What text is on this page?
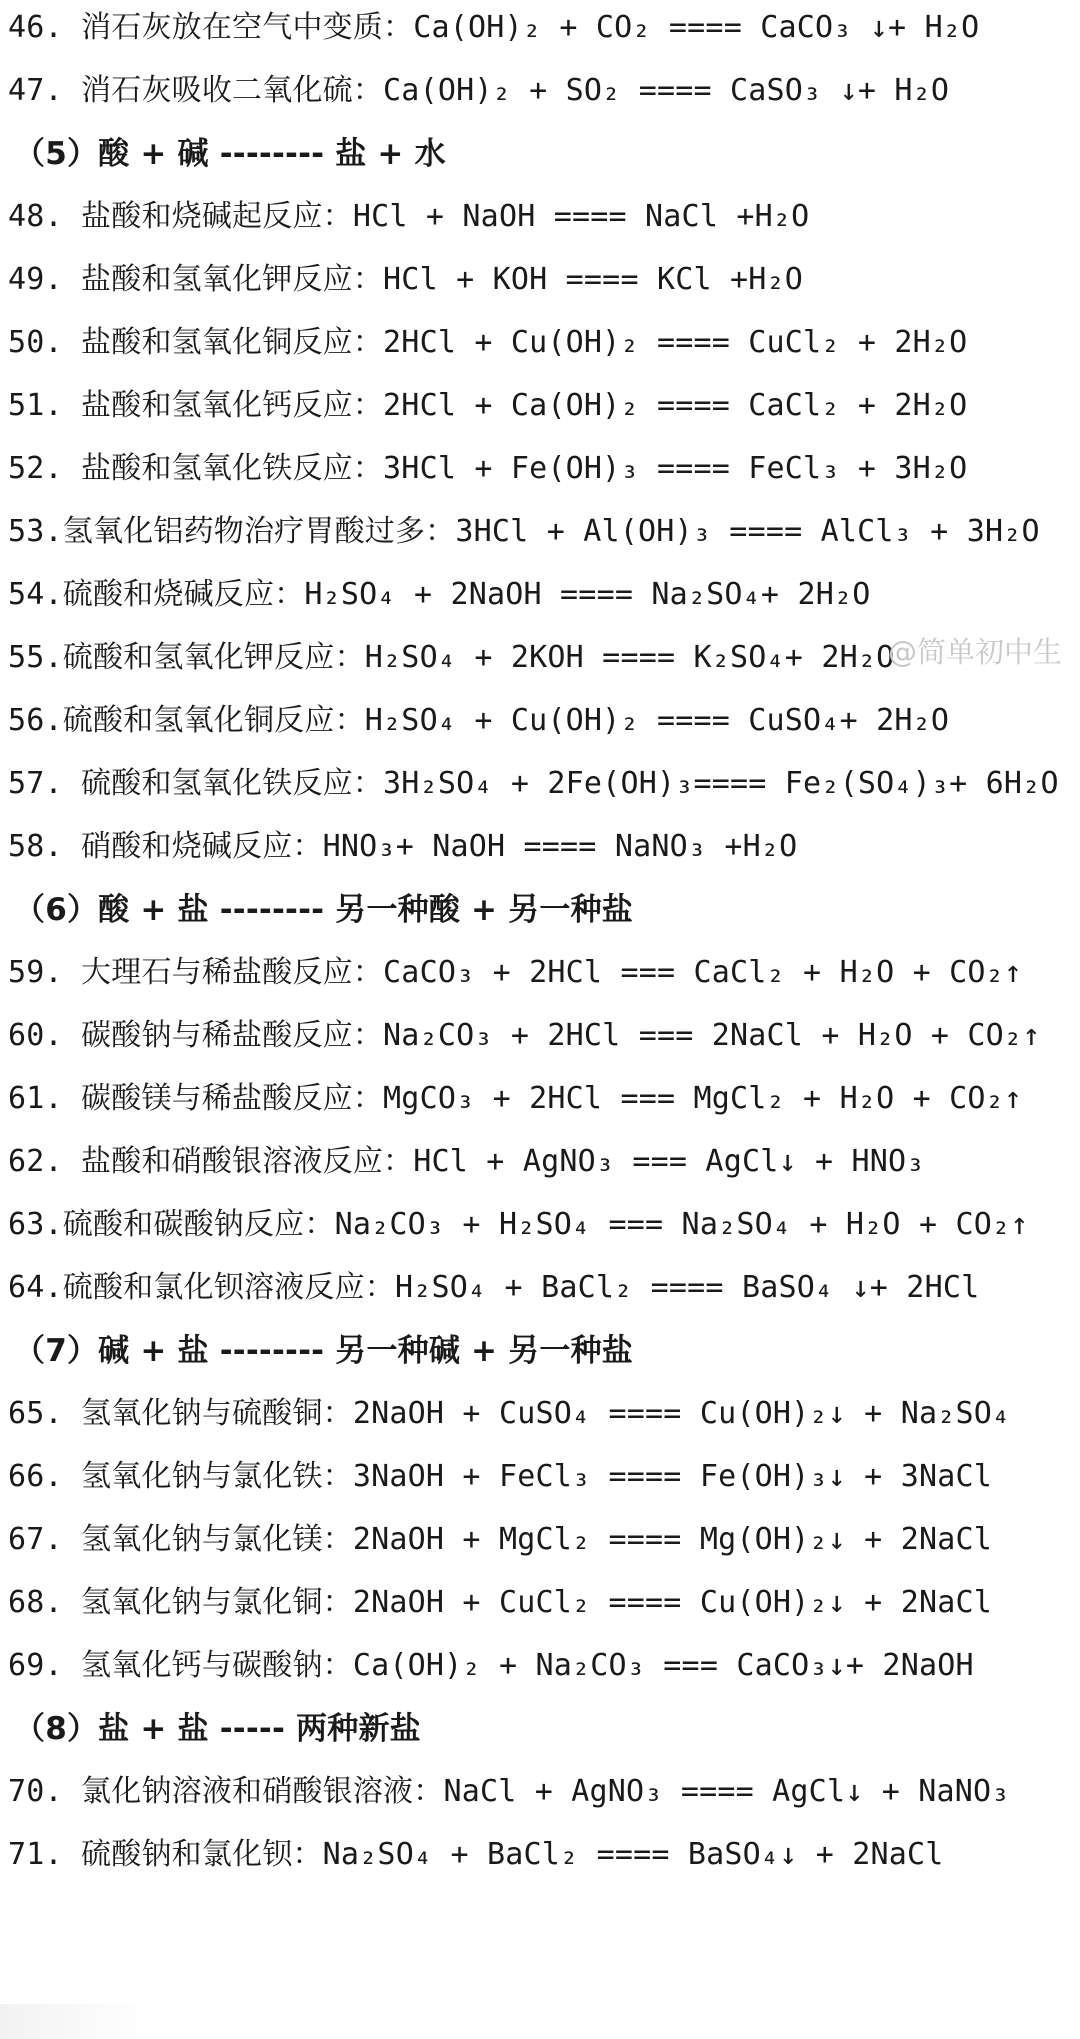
46. 消石灰放在空气中变质：Ca(OH)₂ + CO₂ ==== CaCO₃ ↓+ H₂O
47. 消石灰吸收二氧化硫：Ca(OH)₂ + SO₂ ==== CaSO₃ ↓+ H₂O
（5）酸 + 碱 -------- 盐 + 水
48. 盐酸和烧碱起反应：HCl + NaOH ==== NaCl +H₂O
49. 盐酸和氢氧化钾反应：HCl + KOH ==== KCl +H₂O
50. 盐酸和氢氧化铜反应：2HCl + Cu(OH)₂ ==== CuCl₂ + 2H₂O
51. 盐酸和氢氧化钙反应：2HCl + Ca(OH)₂ ==== CaCl₂ + 2H₂O
52. 盐酸和氢氧化铁反应：3HCl + Fe(OH)₃ ==== FeCl₃ + 3H₂O
53.氢氧化铝药物治疗胃酸过多：3HCl + Al(OH)₃ ==== AlCl₃ + 3H₂O
54.硫酸和烧碱反应：H₂SO₄ + 2NaOH ==== Na₂SO₄+ 2H₂O
55.硫酸和氢氧化钾反应：H₂SO₄ + 2KOH ==== K₂SO₄+ 2H₂O
56.硫酸和氢氧化铜反应：H₂SO₄ + Cu(OH)₂ ==== CuSO₄+ 2H₂O
57. 硫酸和氢氧化铁反应：3H₂SO₄ + 2Fe(OH)₃==== Fe₂(SO₄)₃+ 6H₂O
58. 硝酸和烧碱反应：HNO₃+ NaOH ==== NaNO₃ +H₂O
（6）酸 + 盐 -------- 另一种酸 + 另一种盐
59. 大理石与稀盐酸反应：CaCO₃ + 2HCl === CaCl₂ + H₂O + CO₂↑
60. 碳酸钠与稀盐酸反应：Na₂CO₃ + 2HCl === 2NaCl + H₂O + CO₂↑
61. 碳酸镁与稀盐酸反应：MgCO₃ + 2HCl === MgCl₂ + H₂O + CO₂↑
62. 盐酸和硝酸银溶液反应：HCl + AgNO₃ === AgCl↓ + HNO₃
63.硫酸和碳酸钠反应：Na₂CO₃ + H₂SO₄ === Na₂SO₄ + H₂O + CO₂↑
64.硫酸和氯化钡溶液反应：H₂SO₄ + BaCl₂ ==== BaSO₄ ↓+ 2HCl
（7）碱 + 盐 -------- 另一种碱 + 另一种盐
65. 氢氧化钠与硫酸铜：2NaOH + CuSO₄ ==== Cu(OH)₂↓ + Na₂SO₄
66. 氢氧化钠与氯化铁：3NaOH + FeCl₃ ==== Fe(OH)₃↓ + 3NaCl
67. 氢氧化钠与氯化镁：2NaOH + MgCl₂ ==== Mg(OH)₂↓ + 2NaCl
68. 氢氧化钠与氯化铜：2NaOH + CuCl₂ ==== Cu(OH)₂↓ + 2NaCl
69. 氢氧化钙与碳酸钠：Ca(OH)₂ + Na₂CO₃ === CaCO₃↓+ 2NaOH
（8）盐 + 盐 ----- 两种新盐
70. 氯化钠溶液和硝酸银溶液：NaCl + AgNO₃ ==== AgCl↓ + NaNO₃
71. 硫酸钠和氯化钡：Na₂SO₄ + BaCl₂ ==== BaSO₄↓ + 2NaCl
@简单初中生
